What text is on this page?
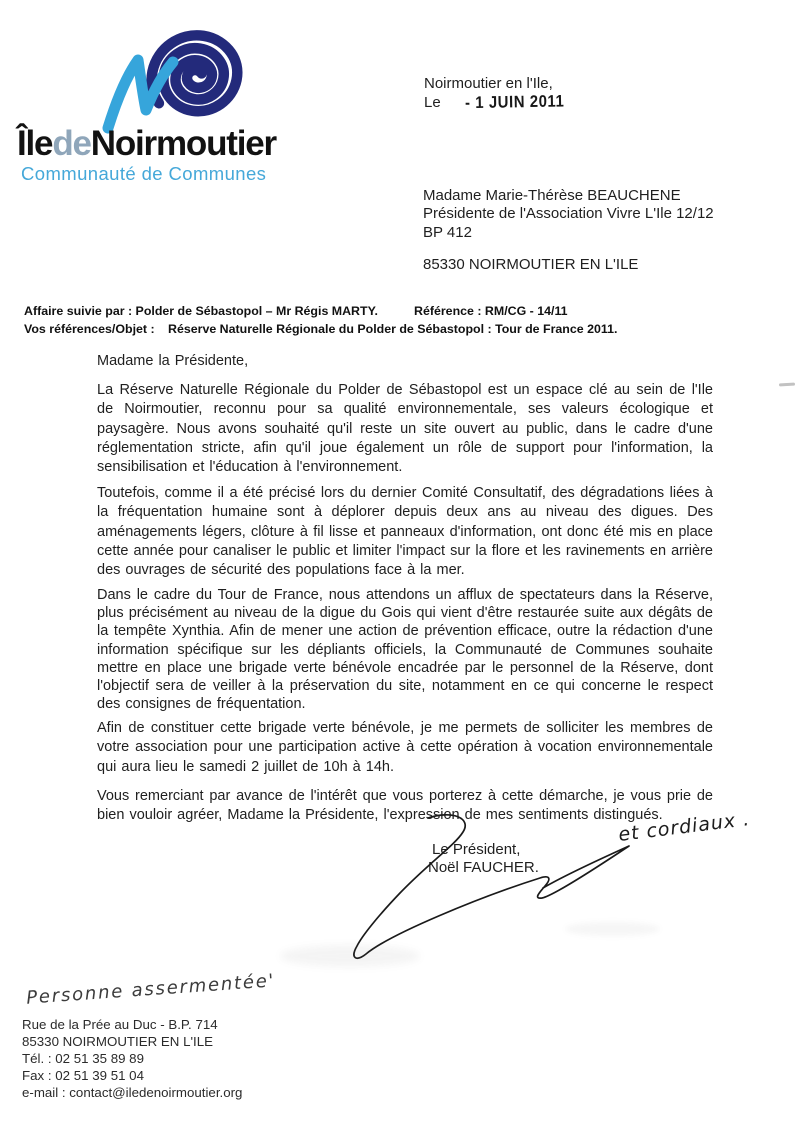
ÎledeNoirmoutier
Communauté de Communes
Noirmoutier en l'Ile,
Le - 1 JUIN 2011
Madame Marie-Thérèse BEAUCHENE
Présidente de l'Association Vivre L'Ile 12/12
BP 412
85330 NOIRMOUTIER EN L'ILE
Affaire suivie par : Polder de Sébastopol – Mr Régis MARTY.	Référence : RM/CG - 14/11
Vos références/Objet : Réserve Naturelle Régionale du Polder de Sébastopol : Tour de France 2011.

Madame la Présidente,

La Réserve Naturelle Régionale du Polder de Sébastopol est un espace clé au sein de l'Ile de Noirmoutier, reconnu pour sa qualité environnementale, ses valeurs écologique et paysagère. Nous avons souhaité qu'il reste un site ouvert au public, dans le cadre d'une réglementation stricte, afin qu'il joue également un rôle de support pour l'information, la sensibilisation et l'éducation à l'environnement.

Toutefois, comme il a été précisé lors du dernier Comité Consultatif, des dégradations liées à la fréquentation humaine sont à déplorer depuis deux ans au niveau des digues. Des aménagements légers, clôture à fil lisse et panneaux d'information, ont donc été mis en place cette année pour canaliser le public et limiter l'impact sur la flore et les ravinements en arrière des ouvrages de sécurité des populations face à la mer.

Dans le cadre du Tour de France, nous attendons un afflux de spectateurs dans la Réserve, plus précisément au niveau de la digue du Gois qui vient d'être restaurée suite aux dégâts de la tempête Xynthia. Afin de mener une action de prévention efficace, outre la rédaction d'une information spécifique sur les dépliants officiels, la Communauté de Communes souhaite mettre en place une brigade verte bénévole encadrée par le personnel de la Réserve, dont l'objectif sera de veiller à la préservation du site, notamment en ce qui concerne le respect des consignes de fréquentation.

Afin de constituer cette brigade verte bénévole, je me permets de solliciter les membres de votre association pour une participation active à cette opération à vocation environnementale qui aura lieu le samedi 2 juillet de 10h à 14h.

Vous remerciant par avance de l'intérêt que vous porterez à cette démarche, je vous prie de bien vouloir agréer, Madame la Présidente, l'expression de mes sentiments distingués.

Le Président,
Noël FAUCHER.
et cordiaux .
Personne assermentée'
Rue de la Prée au Duc - B.P. 714
85330 NOIRMOUTIER EN L'ILE
Tél. : 02 51 35 89 89
Fax : 02 51 39 51 04
e-mail : contact@iledenoirmoutier.org
